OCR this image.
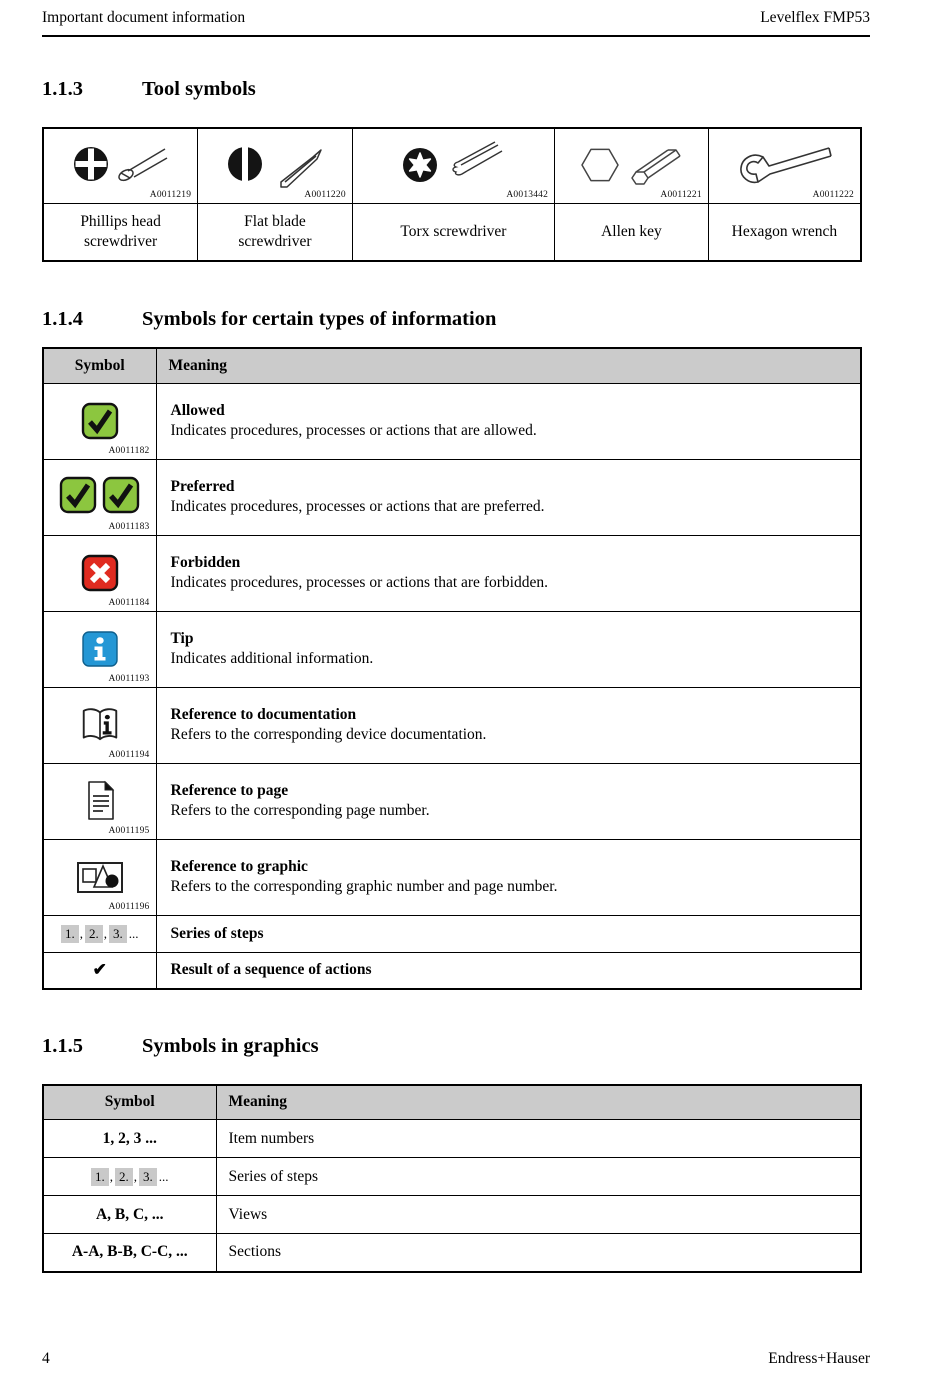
Important document information	Levelflex FMP53
1.1.3	Tool symbols
A0011219	A0011220	A0013442	A0011221	A0011222

Phillips head screwdriver	Flat blade screwdriver	Torx screwdriver	Allen key	Hexagon wrench
1.1.4	Symbols for certain types of information
Symbol	Meaning

A0011182	Allowed
Indicates procedures, processes or actions that are allowed.

A0011183	Preferred
Indicates procedures, processes or actions that are preferred.

A0011184	Forbidden
Indicates procedures, processes or actions that are forbidden.

A0011193	Tip
Indicates additional information.

A0011194	Reference to documentation
Refers to the corresponding device documentation.

A0011195	Reference to page
Refers to the corresponding page number.

A0011196	Reference to graphic
Refers to the corresponding graphic number and page number.

1. , 2. , 3. ...	Series of steps

✔	Result of a sequence of actions
1.1.5	Symbols in graphics
Symbol	Meaning
1, 2, 3 ...	Item numbers
1. , 2. , 3. ...	Series of steps
A, B, C, ...	Views
A-A, B-B, C-C, ...	Sections
4	Endress+Hauser
